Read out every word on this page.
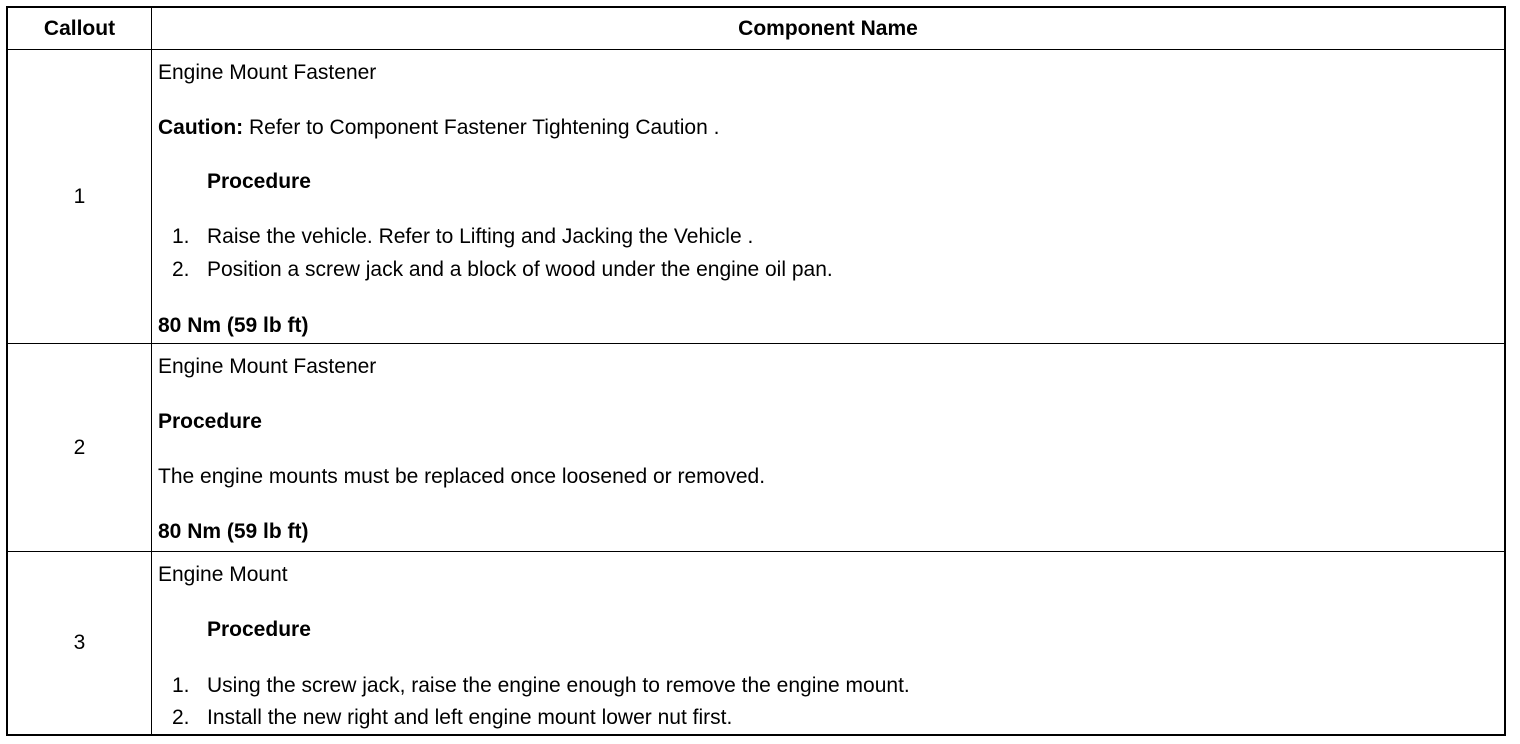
Callout	Component Name
1
Engine Mount Fastener
Caution: Refer to Component Fastener Tightening Caution .
Procedure
1. Raise the vehicle. Refer to Lifting and Jacking the Vehicle .
2. Position a screw jack and a block of wood under the engine oil pan.
80 Nm (59 lb ft)
2
Engine Mount Fastener
Procedure
The engine mounts must be replaced once loosened or removed.
80 Nm (59 lb ft)
3
Engine Mount
Procedure
1. Using the screw jack, raise the engine enough to remove the engine mount.
2. Install the new right and left engine mount lower nut first.
